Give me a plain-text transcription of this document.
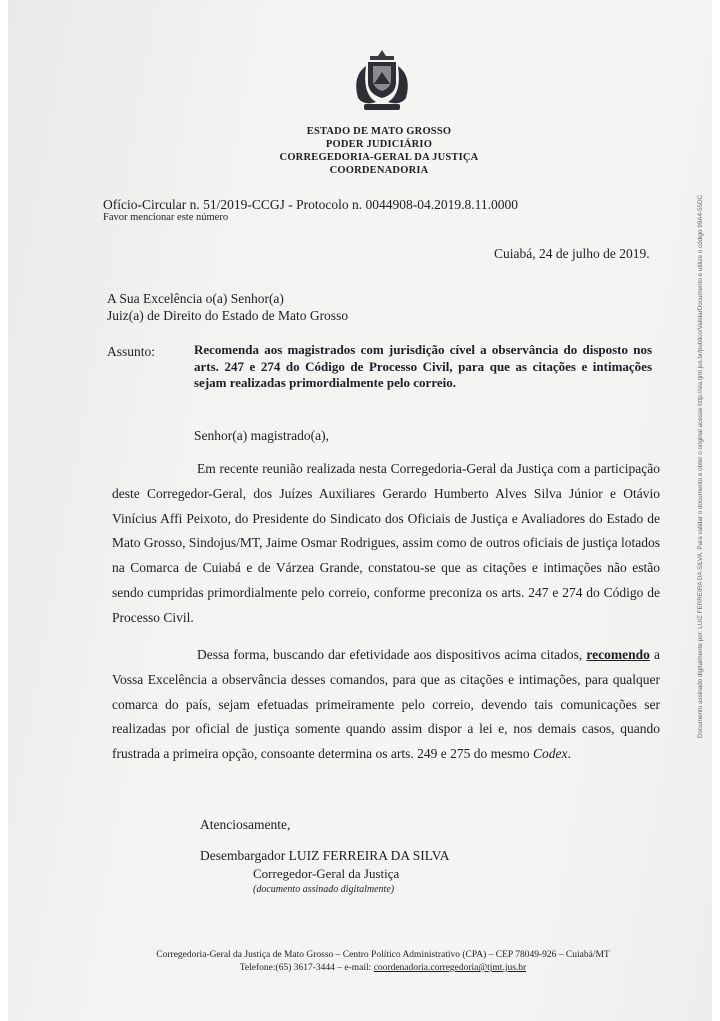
ESTADO DE MATO GROSSO
PODER JUDICIÁRIO
CORREGEDORIA-GERAL DA JUSTIÇA
COORDENADORIA
Ofício-Circular n. 51/2019-CCGJ - Protocolo n. 0044908-04.2019.8.11.0000
Favor mencionar este número
Cuiabá, 24 de julho de 2019.
A Sua Excelência o(a) Senhor(a)
Juiz(a) de Direito do Estado de Mato Grosso
Assunto:	Recomenda aos magistrados com jurisdição cível a observância do disposto nos arts. 247 e 274 do Código de Processo Civil, para que as citações e intimações sejam realizadas primordialmente pelo correio.
Senhor(a) magistrado(a),
Em recente reunião realizada nesta Corregedoria-Geral da Justiça com a participação deste Corregedor-Geral, dos Juízes Auxiliares Gerardo Humberto Alves Silva Júnior e Otávio Vinícius Affi Peixoto, do Presidente do Sindicato dos Oficiais de Justiça e Avaliadores do Estado de Mato Grosso, Sindojus/MT, Jaime Osmar Rodrigues, assim como de outros oficiais de justiça lotados na Comarca de Cuiabá e de Várzea Grande, constatou-se que as citações e intimações não estão sendo cumpridas primordialmente pelo correio, conforme preconiza os arts. 247 e 274 do Código de Processo Civil.
Dessa forma, buscando dar efetividade aos dispositivos acima citados, recomendo a Vossa Excelência a observância desses comandos, para que as citações e intimações, para qualquer comarca do país, sejam efetuadas primeiramente pelo correio, devendo tais comunicações ser realizadas por oficial de justiça somente quando assim dispor a lei e, nos demais casos, quando frustrada a primeira opção, consoante determina os arts. 249 e 275 do mesmo Codex.
Atenciosamente,
Desembargador LUIZ FERREIRA DA SILVA
Corregedor-Geral da Justiça
(documento assinado digitalmente)
Corregedoria-Geral da Justiça de Mato Grosso – Centro Político Administrativo (CPA) – CEP 78049-926 – Cuiabá/MT
Telefone:(65) 3617-3444 – e-mail: coordenadoria.corregedoria@tjmt.jus.br
Documento assinado digitalmente por: LUIZ FERREIRA DA SILVA. Para validar o documento e obter o original acesse http://sia.tjmt.jus.br/publico/ValidarDocumento e utilize o código 99A4-55DC
